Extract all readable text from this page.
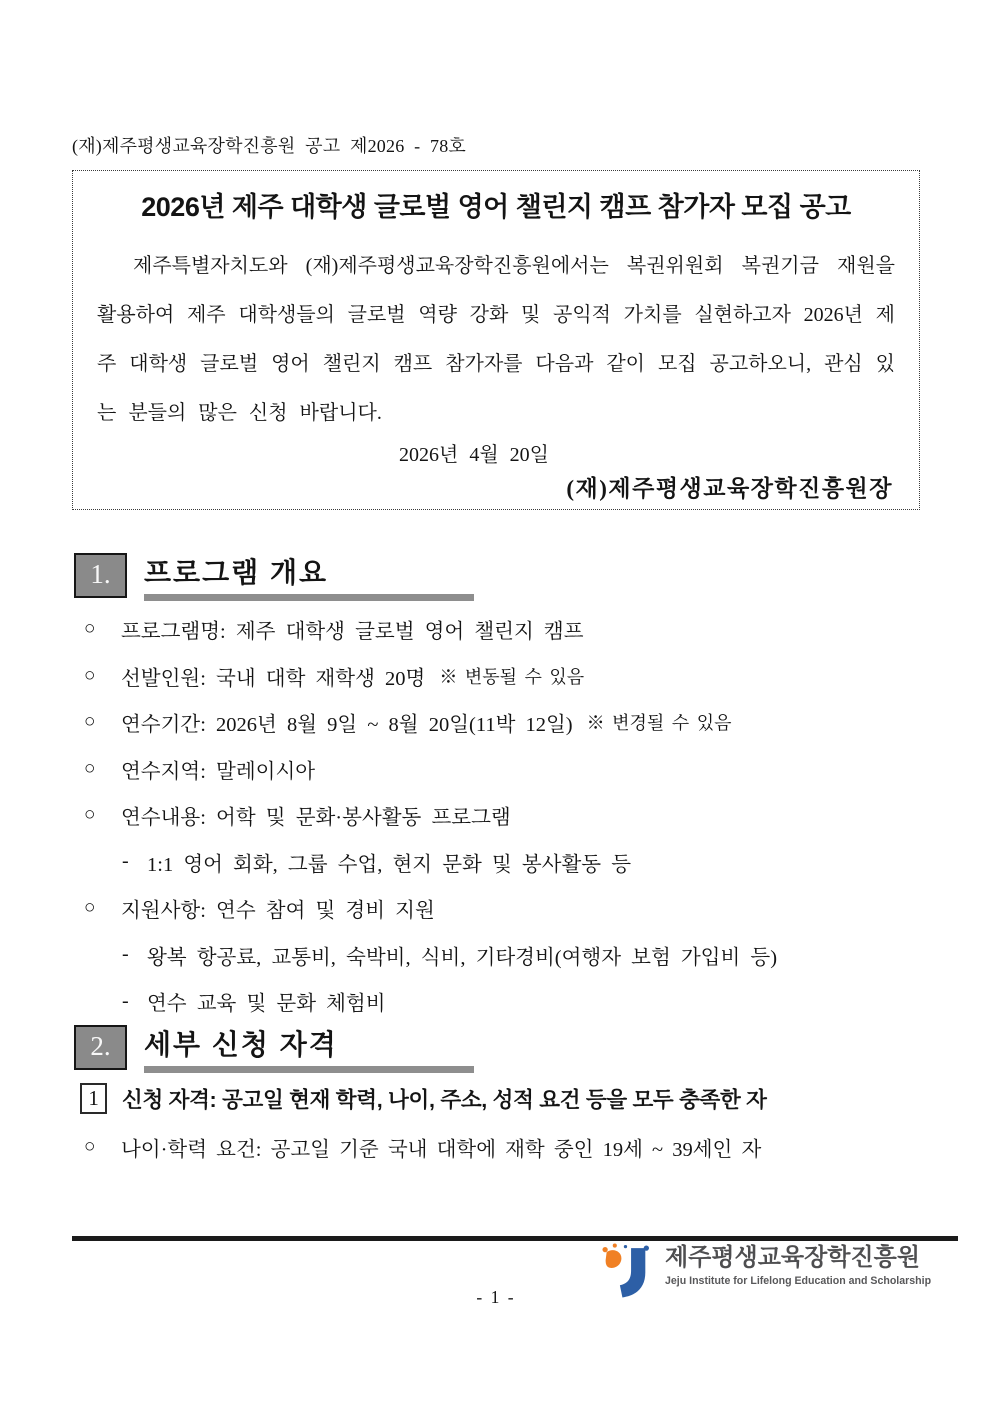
(재)제주평생교육장학진흥원 공고 제2026 - 78호
2026년 제주 대학생 글로벌 영어 챌린지 캠프 참가자 모집 공고
제주특별자치도와 (재)제주평생교육장학진흥원에서는 복권위원회 복권기금 재원을 활용하여 제주 대학생들의 글로벌 역량 강화 및 공익적 가치를 실현하고자 2026년 제주 대학생 글로벌 영어 챌린지 캠프 참가자를 다음과 같이 모집 공고하오니, 관심 있는 분들의 많은 신청 바랍니다.
2026년 4월 20일
(재)제주평생교육장학진흥원장
1.	프로그램 개요
○	프로그램명: 제주 대학생 글로벌 영어 챌린지 캠프
○	선발인원: 국내 대학 재학생 20명 ※ 변동될 수 있음
○	연수기간: 2026년 8월 9일 ~ 8월 20일(11박 12일) ※ 변경될 수 있음
○	연수지역: 말레이시아
○	연수내용: 어학 및 문화·봉사활동 프로그램
- 1:1 영어 회화, 그룹 수업, 현지 문화 및 봉사활동 등
○	지원사항: 연수 참여 및 경비 지원
- 왕복 항공료, 교통비, 숙박비, 식비, 기타경비(여행자 보험 가입비 등)
- 연수 교육 및 문화 체험비
2.	세부 신청 자격
1	신청 자격: 공고일 현재 학력, 나이, 주소, 성적 요건 등을 모두 충족한 자
○	나이·학력 요건: 공고일 기준 국내 대학에 재학 중인 19세 ~ 39세인 자
제주평생교육장학진흥원
Jeju Institute for Lifelong Education and Scholarship
- 1 -
